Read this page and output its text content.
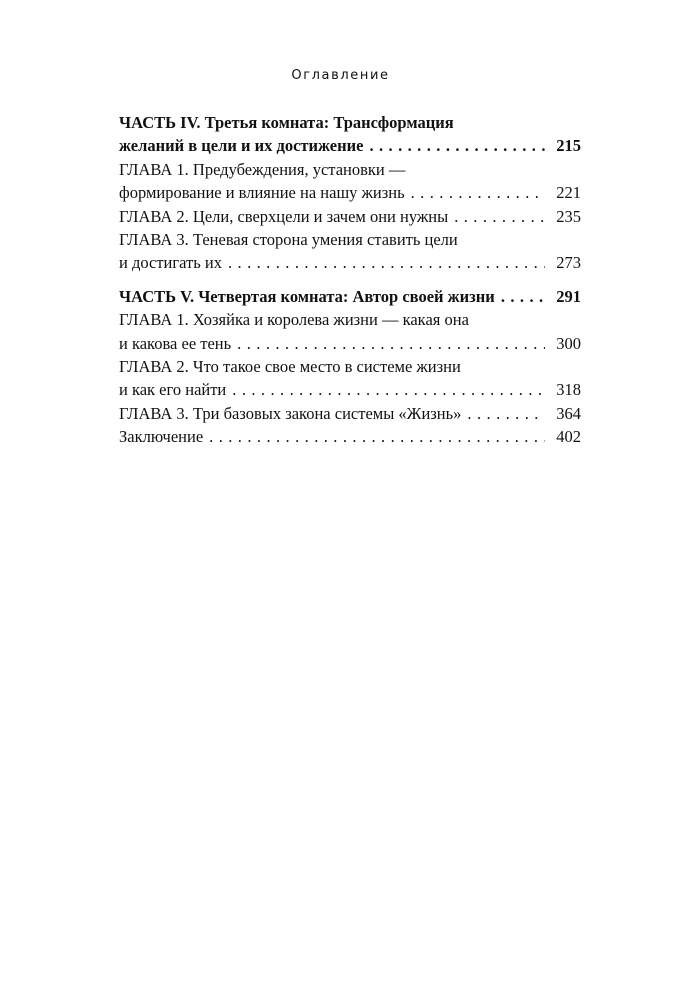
Оглавление
ЧАСТЬ IV. Третья комната: Трансформация
желаний в цели и их достижение . . .	215
ГЛАВА 1. Предубеждения, установки —
формирование и влияние на нашу жизнь . . .	221
ГЛАВА 2. Цели, сверхцели и зачем они нужны . . .	235
ГЛАВА 3. Теневая сторона умения ставить цели
и достигать их . . .	273
ЧАСТЬ V. Четвертая комната: Автор своей жизни . . .	291
ГЛАВА 1. Хозяйка и королева жизни — какая она
и какова ее тень . . .	300
ГЛАВА 2. Что такое свое место в системе жизни
и как его найти . . .	318
ГЛАВА 3. Три базовых закона системы «Жизнь» . . .	364
Заключение . . .	402
